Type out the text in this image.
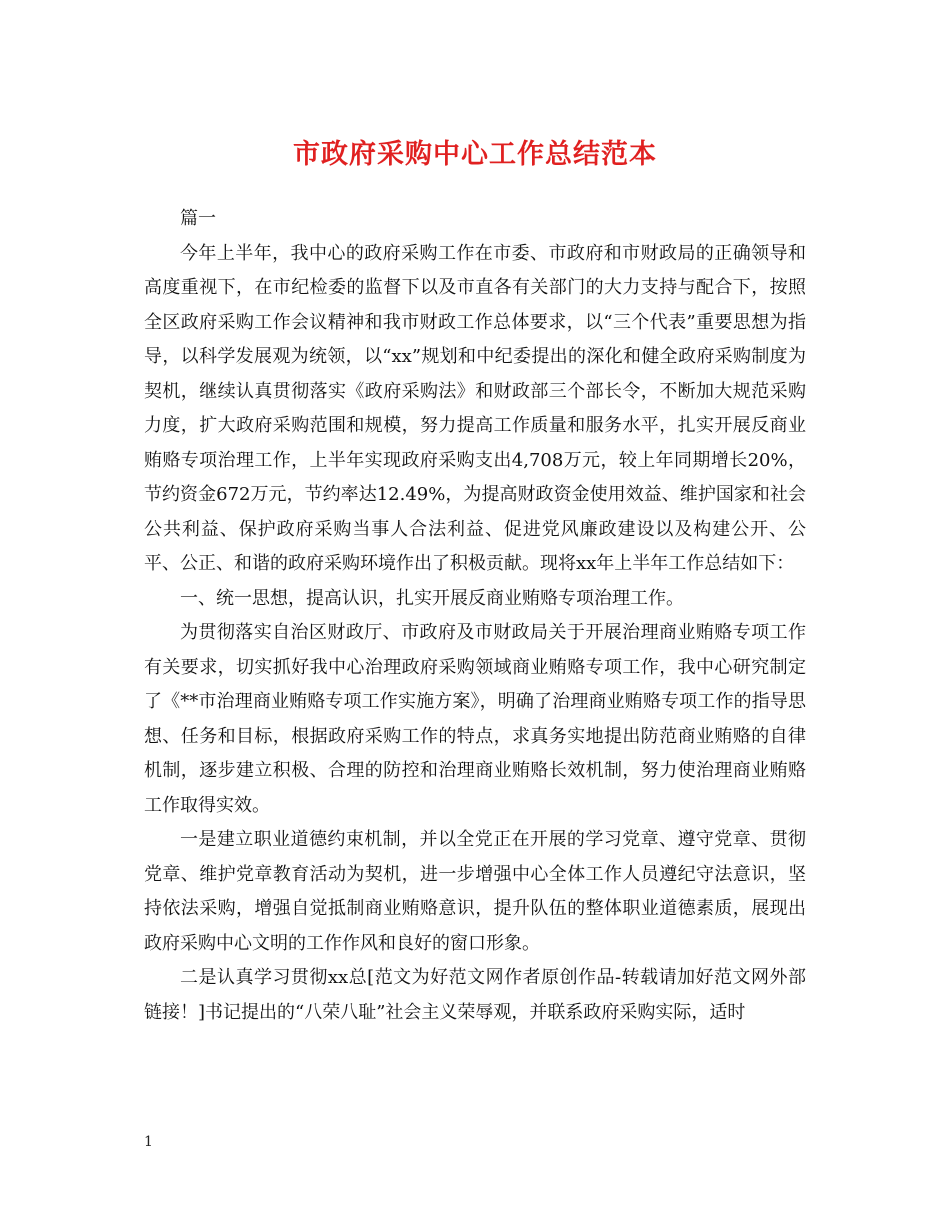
市政府采购中心工作总结范本

篇一

今年上半年，我中心的政府采购工作在市委、市政府和市财政局的正确领导和高度重视下，在市纪检委的监督下以及市直各有关部门的大力支持与配合下，按照全区政府采购工作会议精神和我市财政工作总体要求，以“三个代表”重要思想为指导，以科学发展观为统领，以“xx”规划和中纪委提出的深化和健全政府采购制度为契机，继续认真贯彻落实《政府采购法》和财政部三个部长令，不断加大规范采购力度，扩大政府采购范围和规模，努力提高工作质量和服务水平，扎实开展反商业贿赂专项治理工作，上半年实现政府采购支出4,708万元，较上年同期增长20%，节约资金672万元，节约率达12.49%，为提高财政资金使用效益、维护国家和社会公共利益、保护政府采购当事人合法利益、促进党风廉政建设以及构建公开、公平、公正、和谐的政府采购环境作出了积极贡献。现将xx年上半年工作总结如下：

一、统一思想，提高认识，扎实开展反商业贿赂专项治理工作。

为贯彻落实自治区财政厅、市政府及市财政局关于开展治理商业贿赂专项工作有关要求，切实抓好我中心治理政府采购领域商业贿赂专项工作，我中心研究制定了《**市治理商业贿赂专项工作实施方案》，明确了治理商业贿赂专项工作的指导思想、任务和目标，根据政府采购工作的特点，求真务实地提出防范商业贿赂的自律机制，逐步建立积极、合理的防控和治理商业贿赂长效机制，努力使治理商业贿赂工作取得实效。

一是建立职业道德约束机制，并以全党正在开展的学习党章、遵守党章、贯彻党章、维护党章教育活动为契机，进一步增强中心全体工作人员遵纪守法意识，坚持依法采购，增强自觉抵制商业贿赂意识，提升队伍的整体职业道德素质，展现出政府采购中心文明的工作作风和良好的窗口形象。

二是认真学习贯彻xx总[范文为好范文网作者原创作品-转载请加好范文网外部链接！]书记提出的“八荣八耻”社会主义荣辱观，并联系政府采购实际，适时

1
